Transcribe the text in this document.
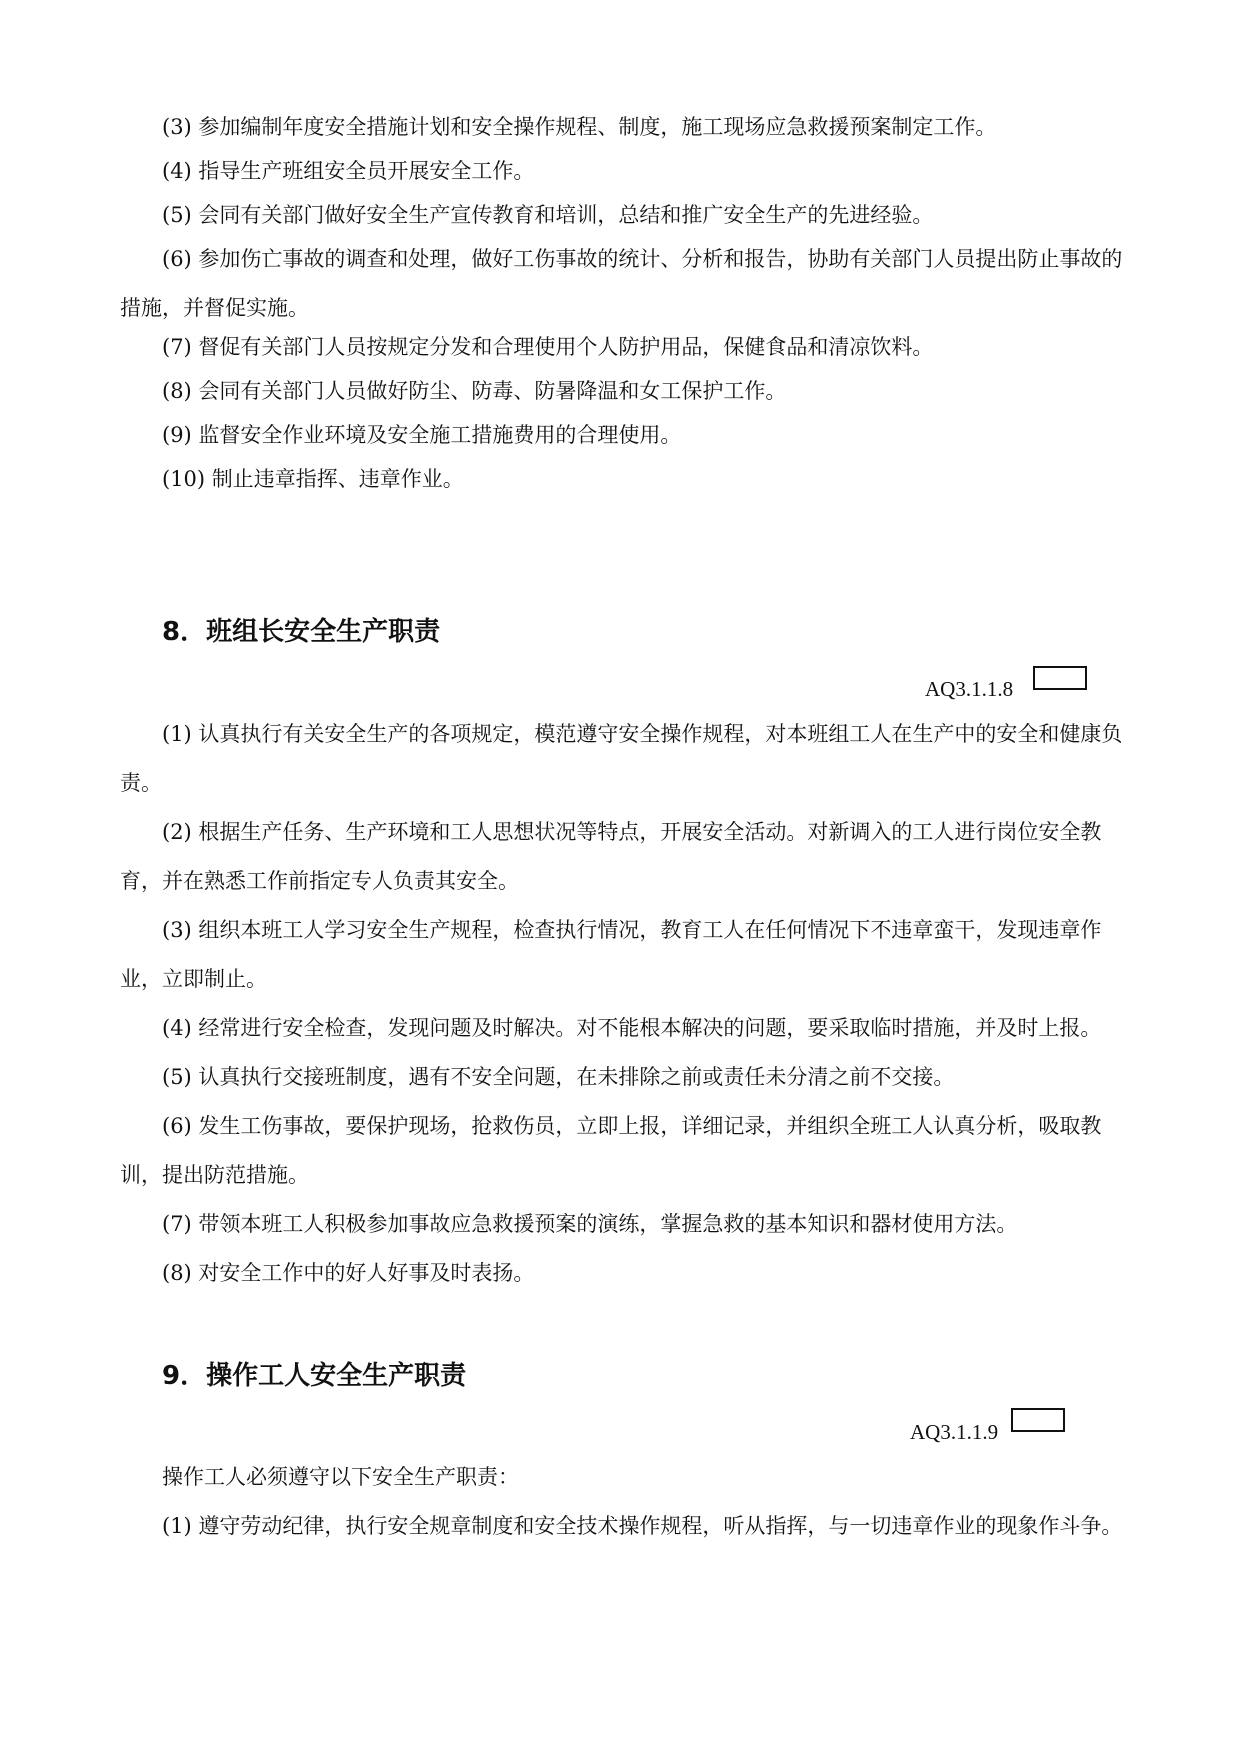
(3) 参加编制年度安全措施计划和安全操作规程、制度，施工现场应急救援预案制定工作。

(4) 指导生产班组安全员开展安全工作。

(5) 会同有关部门做好安全生产宣传教育和培训，总结和推广安全生产的先进经验。

(6) 参加伤亡事故的调查和处理，做好工伤事故的统计、分析和报告，协助有关部门人员提出防止事故的措施，并督促实施。

(7) 督促有关部门人员按规定分发和合理使用个人防护用品，保健食品和清凉饮料。

(8) 会同有关部门人员做好防尘、防毒、防暑降温和女工保护工作。

(9) 监督安全作业环境及安全施工措施费用的合理使用。

(10) 制止违章指挥、违章作业。

8．班组长安全生产职责
AQ3.1.1.8

(1) 认真执行有关安全生产的各项规定，模范遵守安全操作规程，对本班组工人在生产中的安全和健康负责。

(2) 根据生产任务、生产环境和工人思想状况等特点，开展安全活动。对新调入的工人进行岗位安全教育，并在熟悉工作前指定专人负责其安全。

(3) 组织本班工人学习安全生产规程，检查执行情况，教育工人在任何情况下不违章蛮干，发现违章作业，立即制止。

(4) 经常进行安全检查，发现问题及时解决。对不能根本解决的问题，要采取临时措施，并及时上报。

(5) 认真执行交接班制度，遇有不安全问题，在未排除之前或责任未分清之前不交接。

(6) 发生工伤事故，要保护现场，抢救伤员，立即上报，详细记录，并组织全班工人认真分析，吸取教训，提出防范措施。

(7) 带领本班工人积极参加事故应急救援预案的演练，掌握急救的基本知识和器材使用方法。

(8) 对安全工作中的好人好事及时表扬。

9．操作工人安全生产职责
AQ3.1.1.9

操作工人必须遵守以下安全生产职责：

(1) 遵守劳动纪律，执行安全规章制度和安全技术操作规程，听从指挥，与一切违章作业的现象作斗争。
